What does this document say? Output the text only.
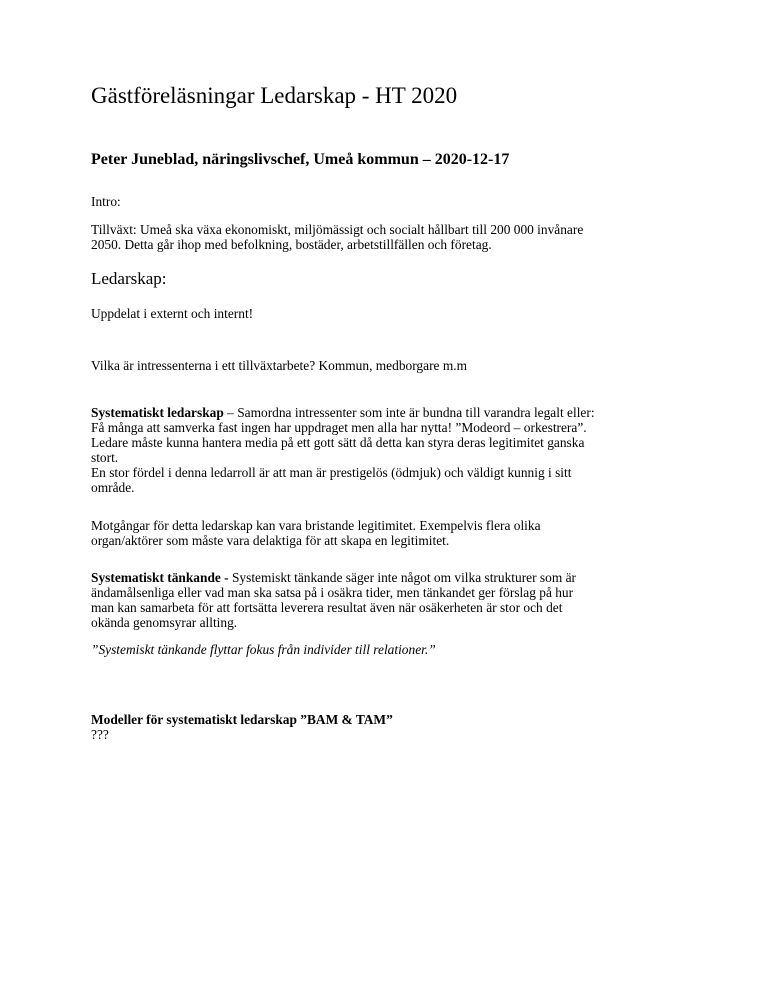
Gästföreläsningar Ledarskap - HT 2020
Peter Juneblad, näringslivschef, Umeå kommun – 2020-12-17

Intro:

Tillväxt: Umeå ska växa ekonomiskt, miljömässigt och socialt hållbart till 200 000 invånare
2050. Detta går ihop med befolkning, bostäder, arbetstillfällen och företag.
Ledarskap:

Uppdelat i externt och internt!

Vilka är intressenterna i ett tillväxtarbete? Kommun, medborgare m.m

Systematiskt ledarskap – Samordna intressenter som inte är bundna till varandra legalt eller:
Få många att samverka fast ingen har uppdraget men alla har nytta! ”Modeord – orkestrera”.
Ledare måste kunna hantera media på ett gott sätt då detta kan styra deras legitimitet ganska
stort.
En stor fördel i denna ledarroll är att man är prestigelös (ödmjuk) och väldigt kunnig i sitt
område.
Motgångar för detta ledarskap kan vara bristande legitimitet. Exempelvis flera olika
organ/aktörer som måste vara delaktiga för att skapa en legitimitet.
Systematiskt tänkande - Systemiskt tänkande säger inte något om vilka strukturer som är
ändamålsenliga eller vad man ska satsa på i osäkra tider, men tänkandet ger förslag på hur
man kan samarbeta för att fortsätta leverera resultat även när osäkerheten är stor och det
okända genomsyrar allting.

”Systemiskt tänkande flyttar fokus från individer till relationer.”

Modeller för systematiskt ledarskap ”BAM & TAM”
???
